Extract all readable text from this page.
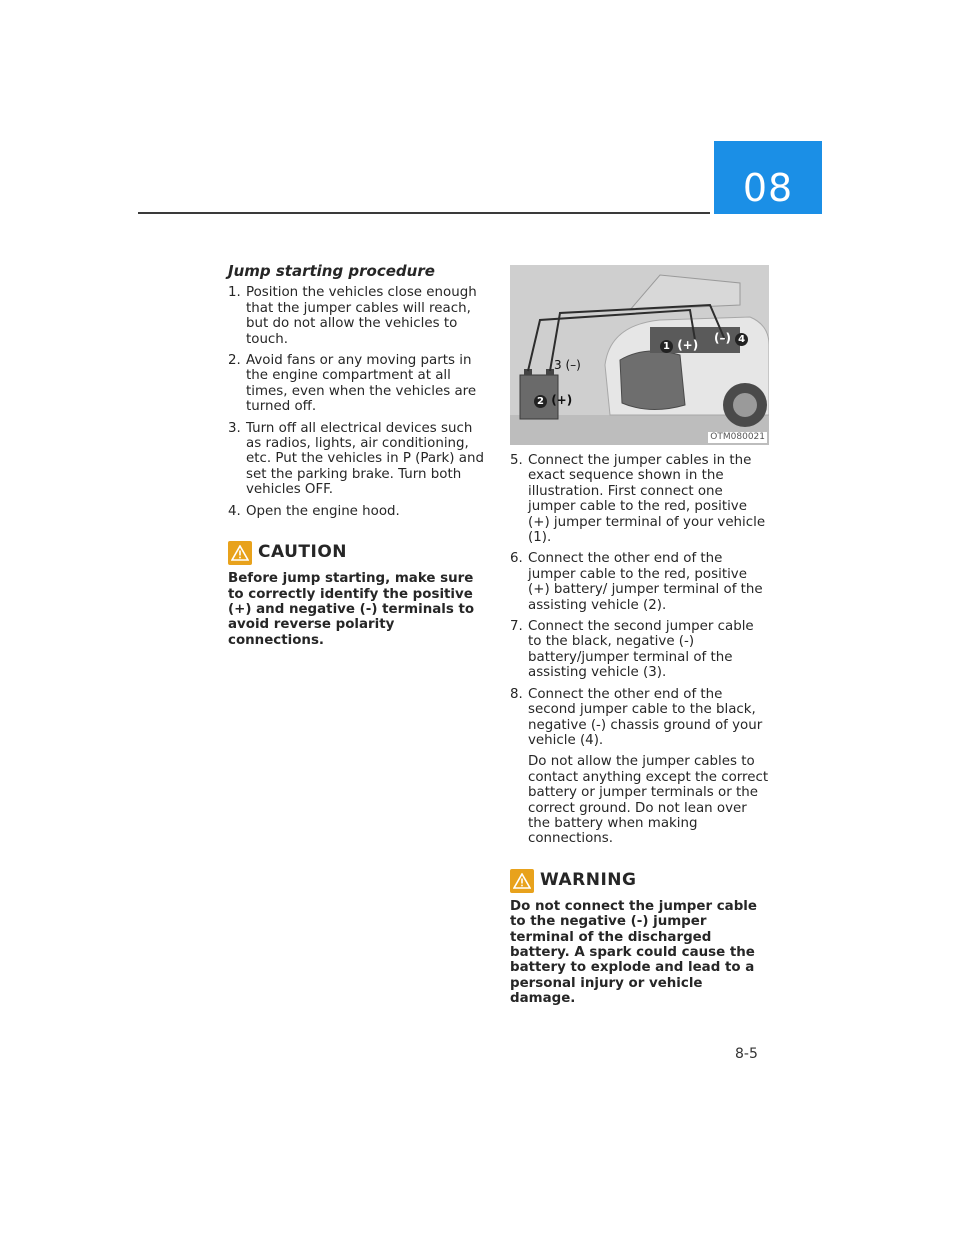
08
Jump starting procedure
1. Position the vehicles close enough that the jumper cables will reach, but do not allow the vehicles to touch.
2. Avoid fans or any moving parts in the engine compartment at all times, even when the vehicles are turned off.
3. Turn off all electrical devices such as radios, lights, air conditioning, etc. Put the vehicles in P (Park) and set the parking brake. Turn both vehicles OFF.
4. Open the engine hood.
CAUTION
Before jump starting, make sure to correctly identify the positive (+) and negative (-) terminals to avoid reverse polarity connections.
2 (+)
3 (–)
1 (+) (–) 4
OTM080021
5. Connect the jumper cables in the exact sequence shown in the illustration. First connect one jumper cable to the red, positive (+) jumper terminal of your vehicle (1).
6. Connect the other end of the jumper cable to the red, positive (+) battery/ jumper terminal of the assisting vehicle (2).
7. Connect the second jumper cable to the black, negative (-) battery/jumper terminal of the assisting vehicle (3).
8. Connect the other end of the second jumper cable to the black, negative (-) chassis ground of your vehicle (4).
Do not allow the jumper cables to contact anything except the correct battery or jumper terminals or the correct ground. Do not lean over the battery when making connections.
WARNING
Do not connect the jumper cable to the negative (-) jumper terminal of the discharged battery. A spark could cause the battery to explode and lead to a personal injury or vehicle damage.
8-5
